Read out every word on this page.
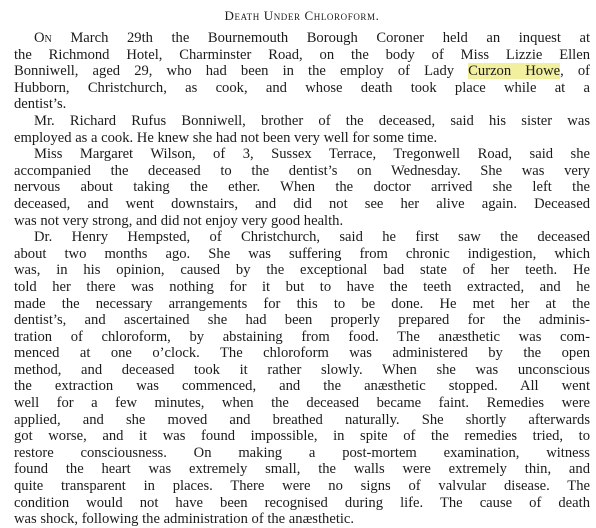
Death Under Chloroform.
On March 29th the Bournemouth Borough Coroner held an inquest at
the Richmond Hotel, Charminster Road, on the body of Miss Lizzie Ellen
Bonniwell, aged 29, who had been in the employ of Lady Curzon Howe, of
Hubborn, Christchurch, as cook, and whose death took place while at a
dentist’s.
Mr. Richard Rufus Bonniwell, brother of the deceased, said his sister was
employed as a cook. He knew she had not been very well for some time.
Miss Margaret Wilson, of 3, Sussex Terrace, Tregonwell Road, said she
accompanied the deceased to the dentist’s on Wednesday. She was very
nervous about taking the ether. When the doctor arrived she left the
deceased, and went downstairs, and did not see her alive again. Deceased
was not very strong, and did not enjoy very good health.
Dr. Henry Hempsted, of Christchurch, said he first saw the deceased
about two months ago. She was suffering from chronic indigestion, which
was, in his opinion, caused by the exceptional bad state of her teeth. He
told her there was nothing for it but to have the teeth extracted, and he
made the necessary arrangements for this to be done. He met her at the
dentist’s, and ascertained she had been properly prepared for the adminis-
tration of chloroform, by abstaining from food. The anæsthetic was com-
menced at one o’clock. The chloroform was administered by the open
method, and deceased took it rather slowly. When she was unconscious
the extraction was commenced, and the anæsthetic stopped. All went
well for a few minutes, when the deceased became faint. Remedies were
applied, and she moved and breathed naturally. She shortly afterwards
got worse, and it was found impossible, in spite of the remedies tried, to
restore consciousness. On making a post-mortem examination, witness
found the heart was extremely small, the walls were extremely thin, and
quite transparent in places. There were no signs of valvular disease. The
condition would not have been recognised during life. The cause of death
was shock, following the administration of the anæsthetic.
